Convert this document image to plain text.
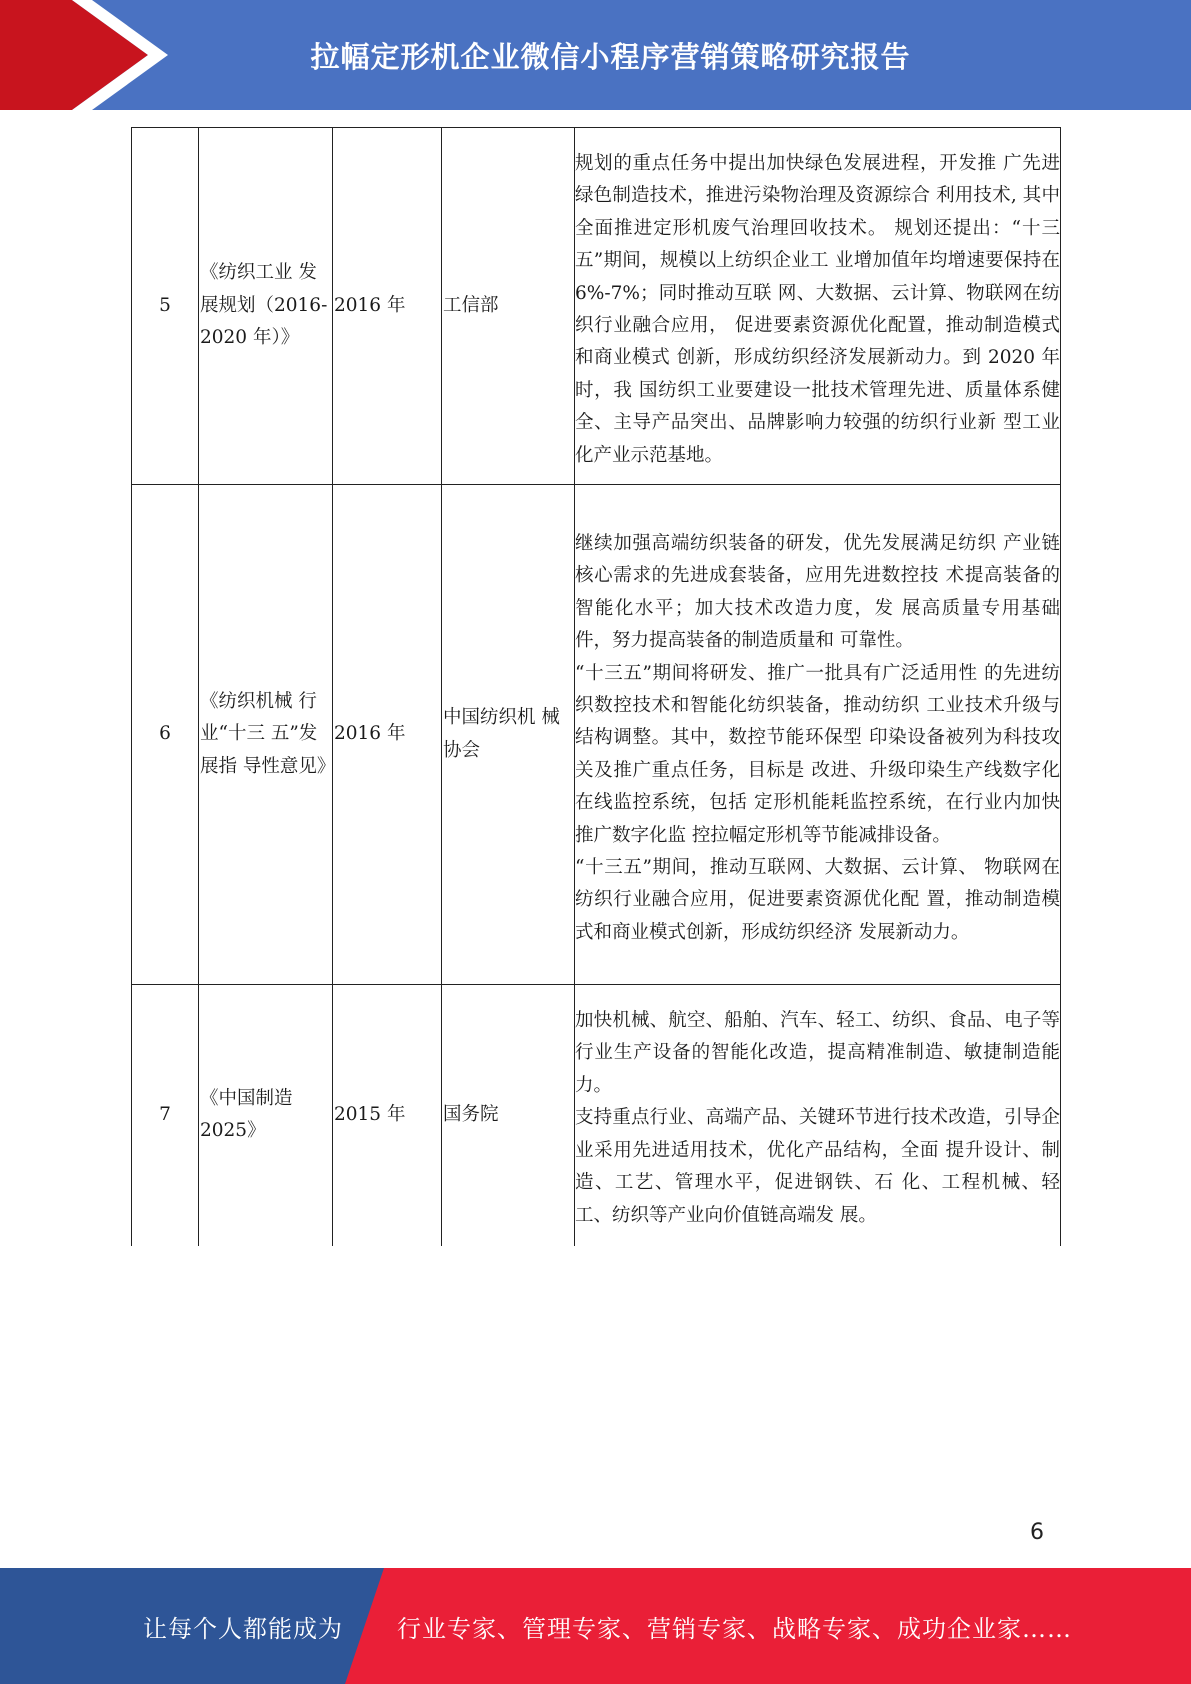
拉幅定形机企业微信小程序营销策略研究报告
5	《纺织工业 发展规划（2016-2020 年）》	2016 年	工信部	规划的重点任务中提出加快绿色发展进程，开发推 广先进绿色制造技术，推进污染物治理及资源综合 利用技术, 其中全面推进定形机废气治理回收技术。 规划还提出：“十三五”期间，规模以上纺织企业工 业增加值年均增速要保持在 6%-7%；同时推动互联 网、大数据、云计算、物联网在纺织行业融合应用， 促进要素资源优化配置，推动制造模式和商业模式 创新，形成纺织经济发展新动力。到 2020 年时，我 国纺织工业要建设一批技术管理先进、质量体系健 全、主导产品突出、品牌影响力较强的纺织行业新 型工业化产业示范基地。

6	《纺织机械 行业“十三 五”发展指 导性意见》	2016 年	中国纺织机 械协会	继续加强高端纺织装备的研发，优先发展满足纺织 产业链核心需求的先进成套装备，应用先进数控技 术提高装备的智能化水平；加大技术改造力度，发 展高质量专用基础件，努力提高装备的制造质量和 可靠性。

“十三五”期间将研发、推广一批具有广泛适用性 的先进纺织数控技术和智能化纺织装备，推动纺织 工业技术升级与结构调整。其中，数控节能环保型 印染设备被列为科技攻关及推广重点任务，目标是 改进、升级印染生产线数字化在线监控系统，包括 定形机能耗监控系统，在行业内加快推广数字化监 控拉幅定形机等节能减排设备。

“十三五”期间，推动互联网、大数据、云计算、 物联网在纺织行业融合应用，促进要素资源优化配 置，推动制造模式和商业模式创新，形成纺织经济 发展新动力。

7	《中国制造 2025》	2015 年	国务院	加快机械、航空、船舶、汽车、轻工、纺织、食品、电子等行业生产设备的智能化改造，提高精准制造、敏捷制造能力。

支持重点行业、高端产品、关键环节进行技术改造，引导企业采用先进适用技术，优化产品结构，全面 提升设计、制造、工艺、管理水平，促进钢铁、石 化、工程机械、轻工、纺织等产业向价值链高端发 展。

6
让每个人都能成为 行业专家、管理专家、营销专家、战略专家、成功企业家……
